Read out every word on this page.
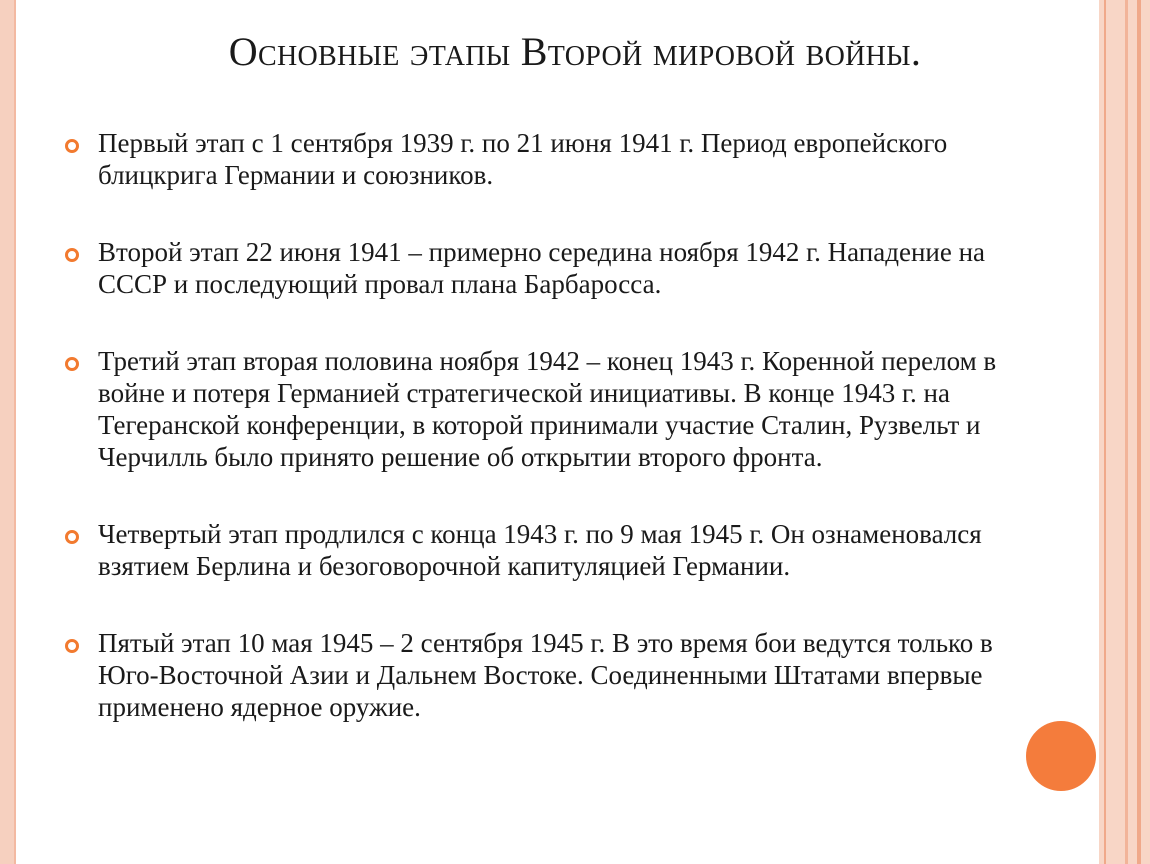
Основные этапы Второй мировой войны.
Первый этап с 1 сентября 1939 г. по 21 июня 1941 г. Период европейского блицкрига Германии и союзников.
Второй этап 22 июня 1941 – примерно середина ноября 1942 г. Нападение на СССР и последующий провал плана Барбаросса.
Третий этап вторая половина ноября 1942 – конец 1943 г. Коренной перелом в войне и потеря Германией стратегической инициативы. В конце 1943 г. на Тегеранской конференции, в которой принимали участие Сталин, Рузвельт и Черчилль было принято решение об открытии второго фронта.
Четвертый этап продлился с конца 1943 г. по 9 мая 1945 г. Он ознаменовался взятием Берлина и безоговорочной капитуляцией Германии.
Пятый этап 10 мая 1945 – 2 сентября 1945 г. В это время бои ведутся только в Юго-Восточной Азии и Дальнем Востоке. Соединенными Штатами впервые применено ядерное оружие.
